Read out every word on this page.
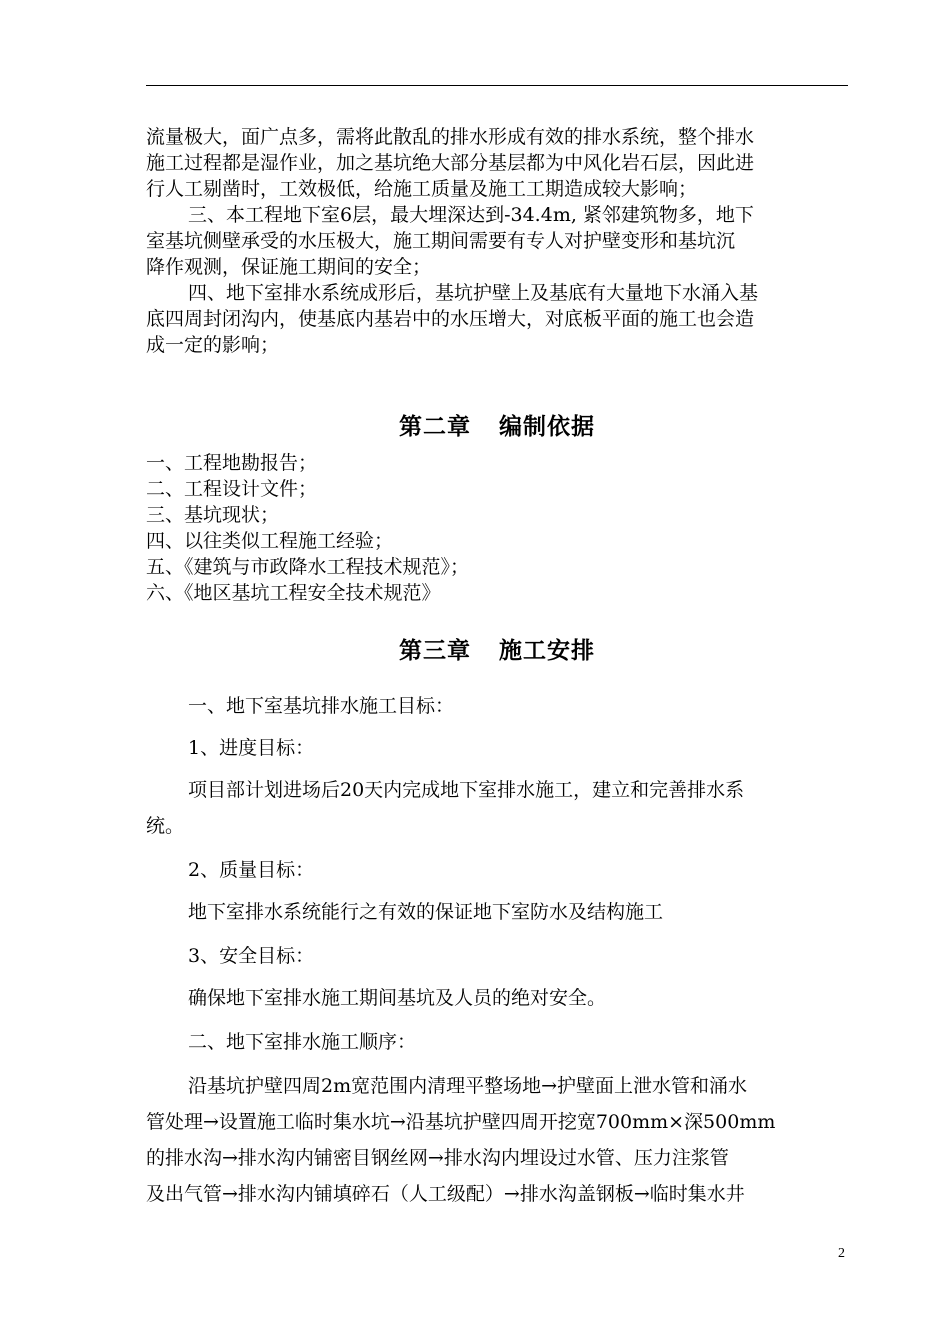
流量极大，面广点多，需将此散乱的排水形成有效的排水系统，整个排水
施工过程都是湿作业，加之基坑绝大部分基层都为中风化岩石层，因此进
行人工剔凿时，工效极低，给施工质量及施工工期造成较大影响；

三、本工程地下室6层，最大埋深达到-34.4m, 紧邻建筑物多，地下
室基坑侧壁承受的水压极大，施工期间需要有专人对护壁变形和基坑沉
降作观测，保证施工期间的安全；

四、地下室排水系统成形后，基坑护壁上及基底有大量地下水涌入基
底四周封闭沟内，使基底内基岩中的水压增大，对底板平面的施工也会造
成一定的影响；

第二章 编制依据
一、工程地勘报告；
二、工程设计文件；
三、基坑现状；
四、以往类似工程施工经验；
五、《建筑与市政降水工程技术规范》；
六、《地区基坑工程安全技术规范》
第三章 施工安排

一、地下室基坑排水施工目标：

1、进度目标：

项目部计划进场后20天内完成地下室排水施工，建立和完善排水系
统。

2、质量目标：

地下室排水系统能行之有效的保证地下室防水及结构施工

3、安全目标：

确保地下室排水施工期间基坑及人员的绝对安全。

二、地下室排水施工顺序：

沿基坑护壁四周2m宽范围内清理平整场地→护壁面上泄水管和涌水
管处理→设置施工临时集水坑→沿基坑护壁四周开挖宽700mm×深500mm
的排水沟→排水沟内铺密目钢丝网→排水沟内埋设过水管、压力注浆管
及出气管→排水沟内铺填碎石（人工级配）→排水沟盖钢板→临时集水井

2
